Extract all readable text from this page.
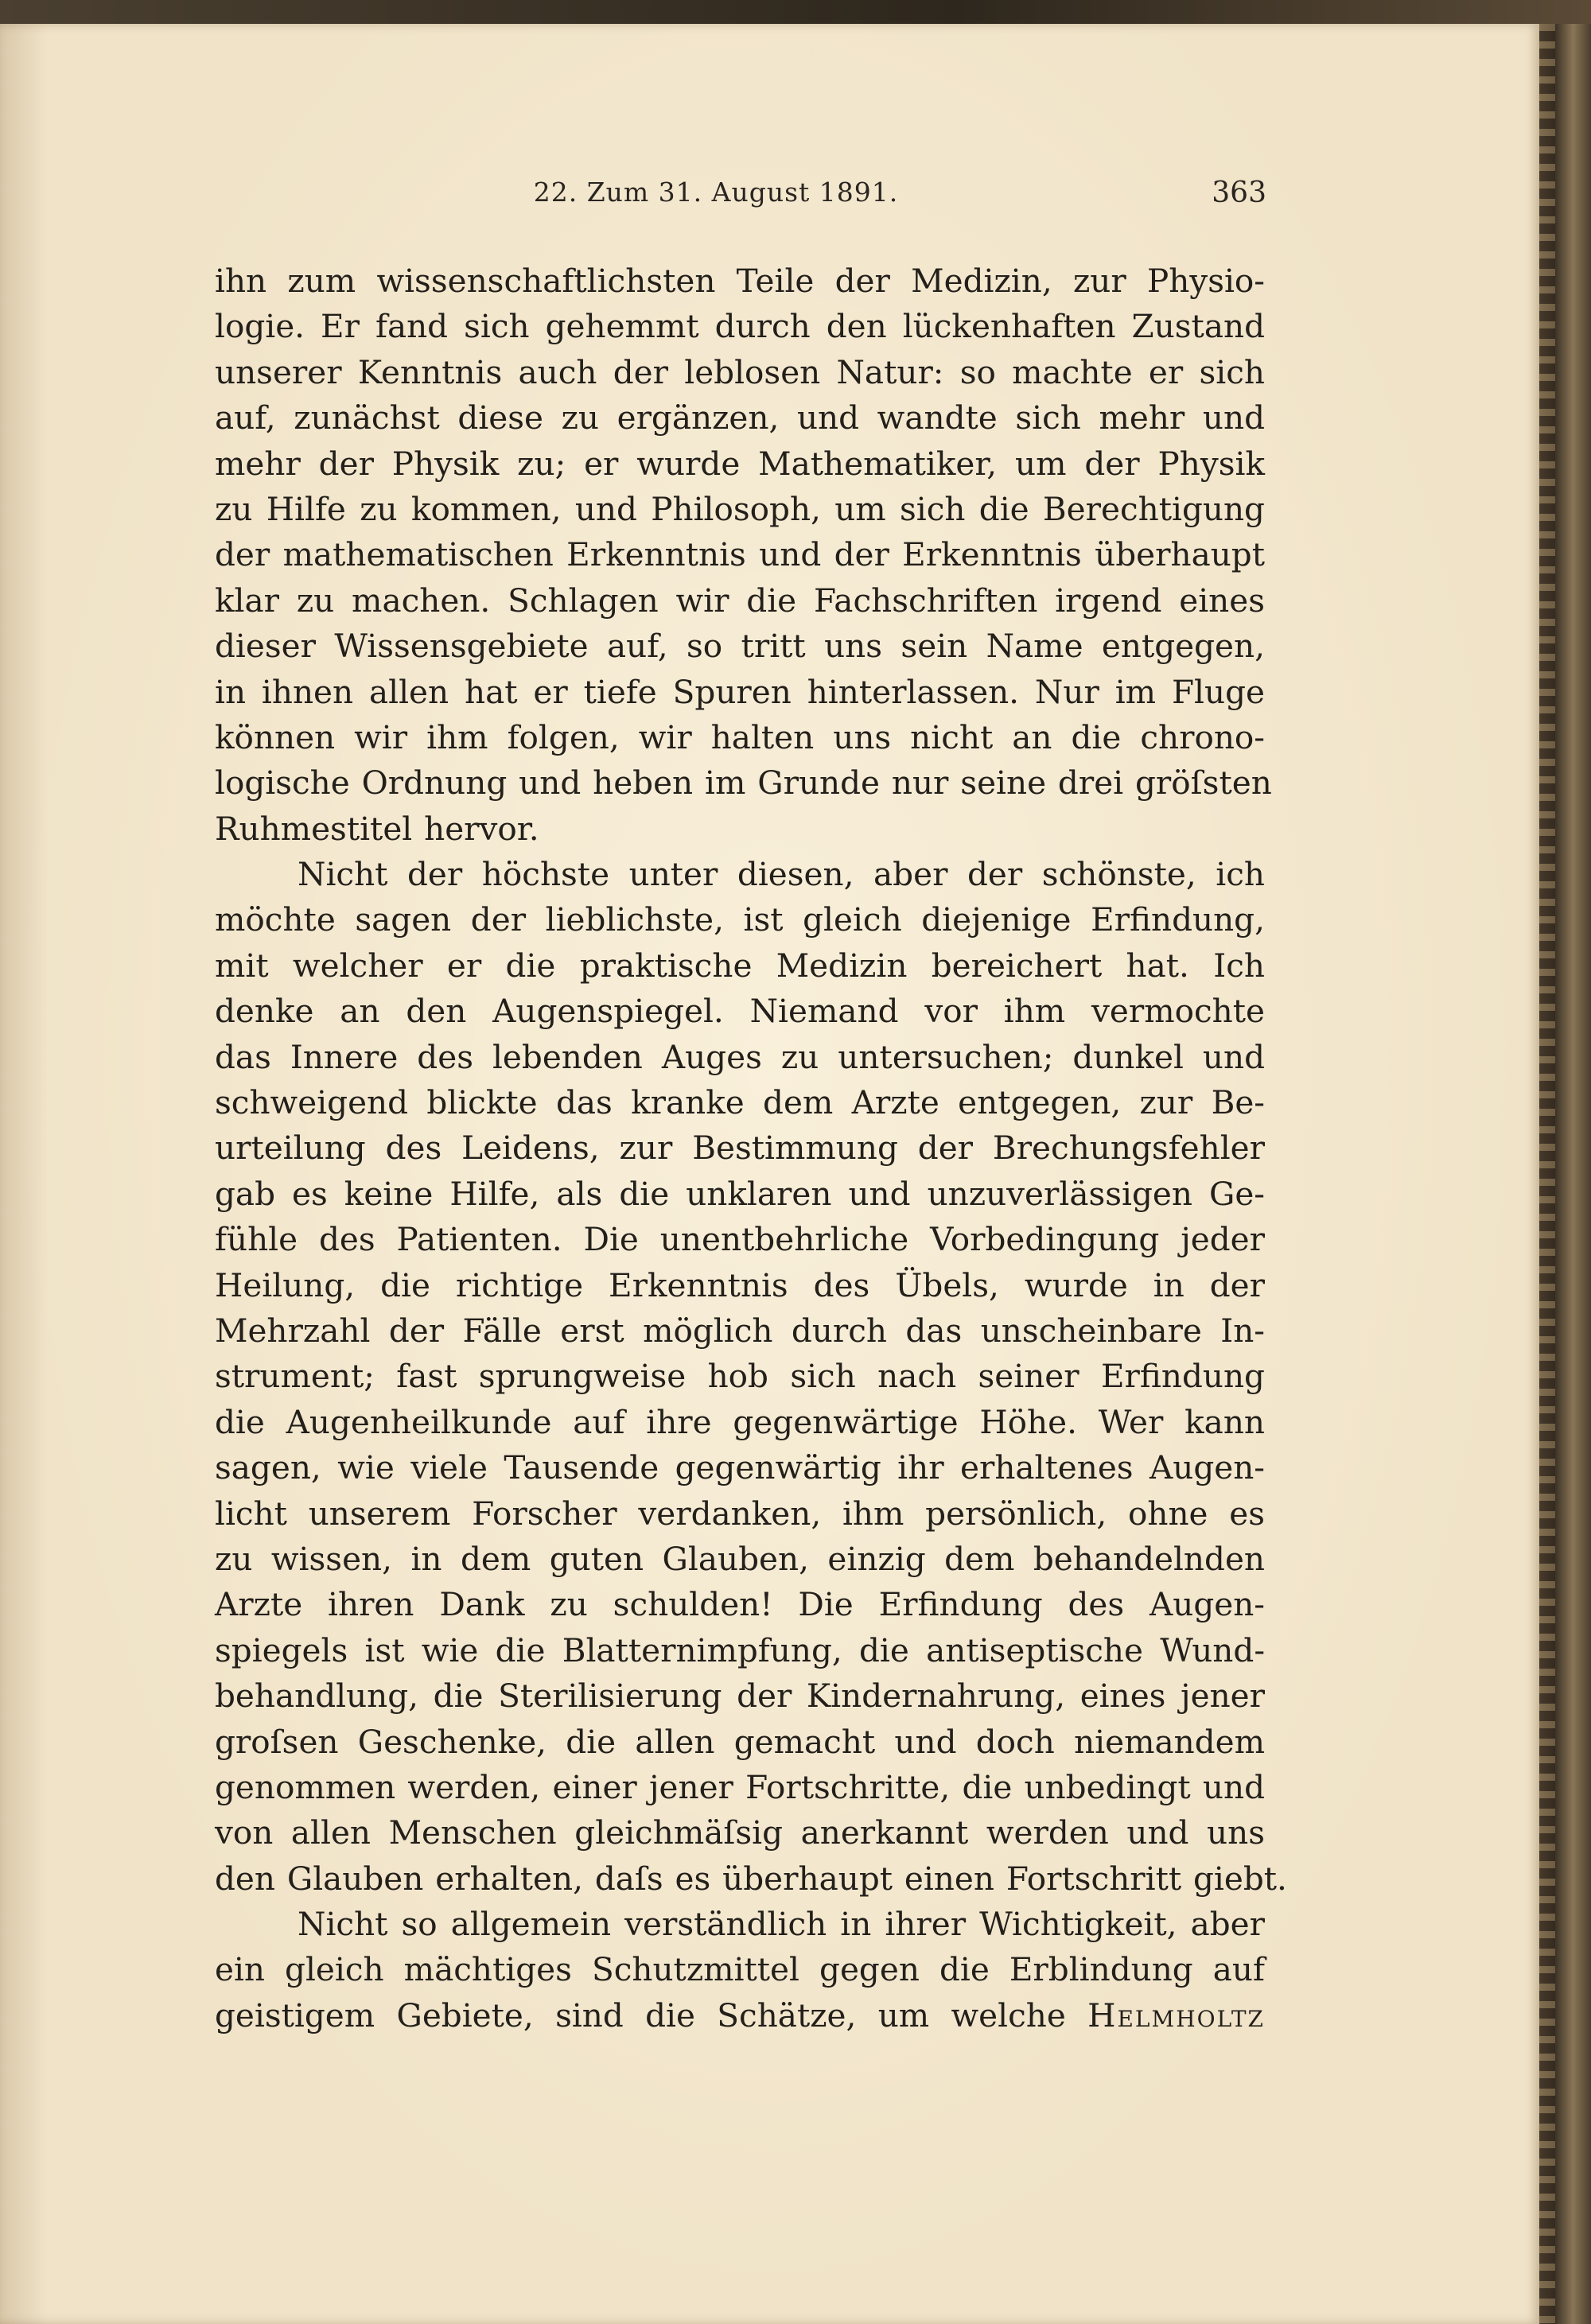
22. Zum 31. August 1891.	363
ihn zum wissenschaftlichsten Teile der Medizin, zur Physio-
logie. Er fand sich gehemmt durch den lückenhaften Zustand
unserer Kenntnis auch der leblosen Natur: so machte er sich
auf, zunächst diese zu ergänzen, und wandte sich mehr und
mehr der Physik zu; er wurde Mathematiker, um der Physik
zu Hilfe zu kommen, und Philosoph, um sich die Berechtigung
der mathematischen Erkenntnis und der Erkenntnis überhaupt
klar zu machen. Schlagen wir die Fachschriften irgend eines
dieser Wissensgebiete auf, so tritt uns sein Name entgegen,
in ihnen allen hat er tiefe Spuren hinterlassen. Nur im Fluge
können wir ihm folgen, wir halten uns nicht an die chrono-
logische Ordnung und heben im Grunde nur seine drei gröſsten
Ruhmestitel hervor.
Nicht der höchste unter diesen, aber der schönste, ich
möchte sagen der lieblichste, ist gleich diejenige Erfindung,
mit welcher er die praktische Medizin bereichert hat. Ich
denke an den Augenspiegel. Niemand vor ihm vermochte
das Innere des lebenden Auges zu untersuchen; dunkel und
schweigend blickte das kranke dem Arzte entgegen, zur Be-
urteilung des Leidens, zur Bestimmung der Brechungsfehler
gab es keine Hilfe, als die unklaren und unzuverlässigen Ge-
fühle des Patienten. Die unentbehrliche Vorbedingung jeder
Heilung, die richtige Erkenntnis des Übels, wurde in der
Mehrzahl der Fälle erst möglich durch das unscheinbare In-
strument; fast sprungweise hob sich nach seiner Erfindung
die Augenheilkunde auf ihre gegenwärtige Höhe. Wer kann
sagen, wie viele Tausende gegenwärtig ihr erhaltenes Augen-
licht unserem Forscher verdanken, ihm persönlich, ohne es
zu wissen, in dem guten Glauben, einzig dem behandelnden
Arzte ihren Dank zu schulden! Die Erfindung des Augen-
spiegels ist wie die Blatternimpfung, die antiseptische Wund-
behandlung, die Sterilisierung der Kindernahrung, eines jener
groſsen Geschenke, die allen gemacht und doch niemandem
genommen werden, einer jener Fortschritte, die unbedingt und
von allen Menschen gleichmäſsig anerkannt werden und uns
den Glauben erhalten, daſs es überhaupt einen Fortschritt giebt.
Nicht so allgemein verständlich in ihrer Wichtigkeit, aber
ein gleich mächtiges Schutzmittel gegen die Erblindung auf
geistigem Gebiete, sind die Schätze, um welche Helmholtz
